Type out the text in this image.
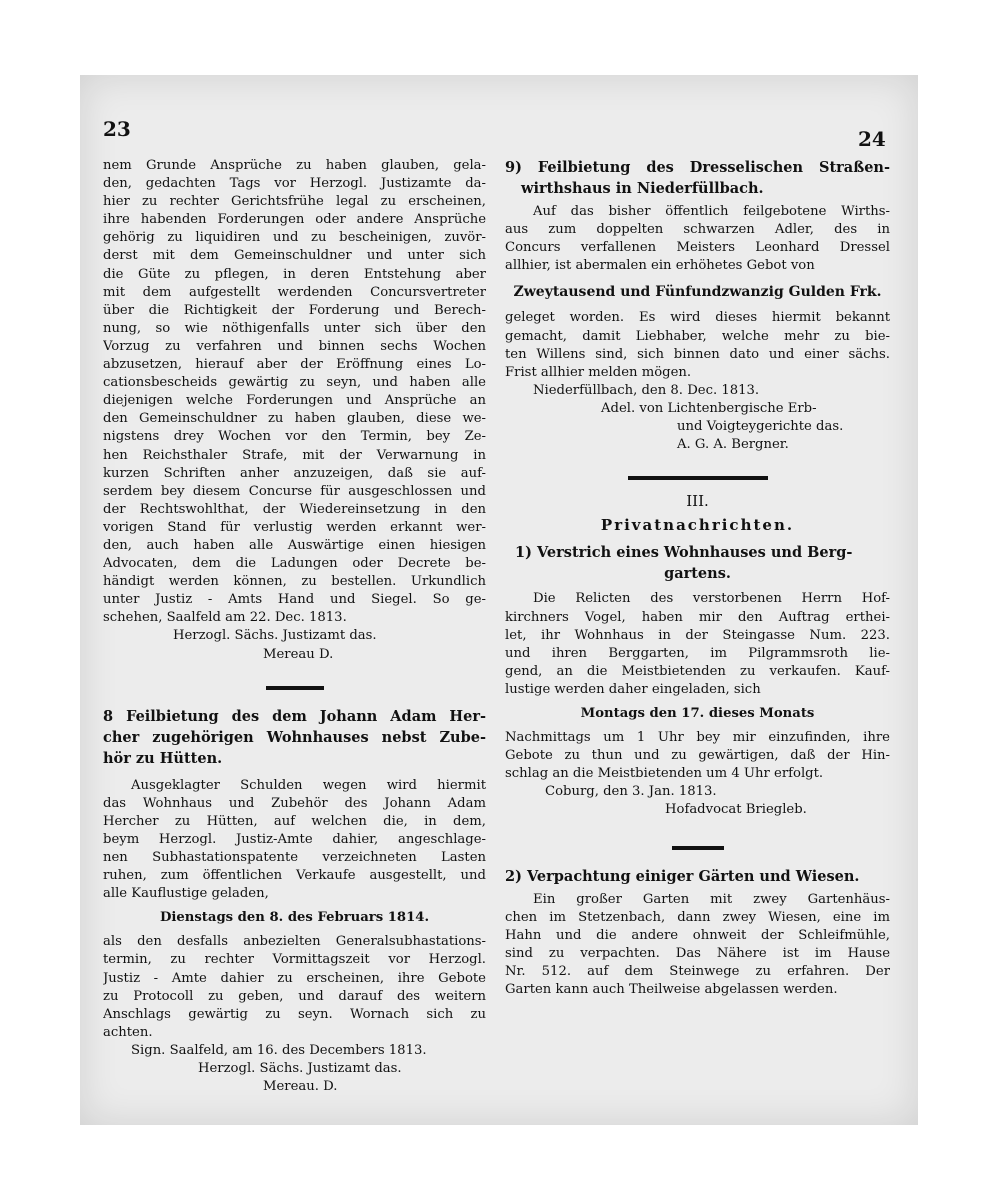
23	24
nem Grunde Ansprüche zu haben glauben, gela-
den, gedachten Tags vor Herzogl. Justizamte da-
hier zu rechter Gerichtsfrühe legal zu erscheinen,
ihre habenden Forderungen oder andere Ansprüche
gehörig zu liquidiren und zu bescheinigen, zuvör-
derst mit dem Gemeinschuldner und unter sich
die Güte zu pflegen, in deren Entstehung aber
mit dem aufgestellt werdenden Concursvertreter
über die Richtigkeit der Forderung und Berech-
nung, so wie nöthigenfalls unter sich über den
Vorzug zu verfahren und binnen sechs Wochen
abzusetzen, hierauf aber der Eröffnung eines Lo-
cationsbescheids gewärtig zu seyn, und haben alle
diejenigen welche Forderungen und Ansprüche an
den Gemeinschuldner zu haben glauben, diese we-
nigstens drey Wochen vor den Termin, bey Ze-
hen Reichsthaler Strafe, mit der Verwarnung in
kurzen Schriften anher anzuzeigen, daß sie auf-
serdem bey diesem Concurse für ausgeschlossen und
der Rechtswohlthat, der Wiedereinsetzung in den
vorigen Stand für verlustig werden erkannt wer-
den, auch haben alle Auswärtige einen hiesigen
Advocaten, dem die Ladungen oder Decrete be-
händigt werden können, zu bestellen. Urkundlich
unter Justiz - Amts Hand und Siegel. So ge-
schehen, Saalfeld am 22. Dec. 1813.
Herzogl. Sächs. Justizamt das.
Mereau D.
8 Feilbietung des dem Johann Adam Her-
cher zugehörigen Wohnhauses nebst Zube-
hör zu Hütten.
Ausgeklagter Schulden wegen wird hiermit
das Wohnhaus und Zubehör des Johann Adam
Hercher zu Hütten, auf welchen die, in dem,
beym Herzogl. Justiz-Amte dahier, angeschlage-
nen Subhastationspatente verzeichneten Lasten
ruhen, zum öffentlichen Verkaufe ausgestellt, und
alle Kauflustige geladen,
Dienstags den 8. des Februars 1814.
als den desfalls anbezielten Generalsubhastations-
termin, zu rechter Vormittagszeit vor Herzogl.
Justiz - Amte dahier zu erscheinen, ihre Gebote
zu Protocoll zu geben, und darauf des weitern
Anschlags gewärtig zu seyn. Wornach sich zu
achten.
Sign. Saalfeld, am 16. des Decembers 1813.
Herzogl. Sächs. Justizamt das.
Mereau. D.
9) Feilbietung des Dresselischen Straßen-
wirthshaus in Niederfüllbach.
Auf das bisher öffentlich feilgebotene Wirths-
aus zum doppelten schwarzen Adler, des in
Concurs verfallenen Meisters Leonhard Dressel
allhier, ist abermalen ein erhöhetes Gebot von
Zweytausend und Fünfundzwanzig Gulden Frk.
geleget worden. Es wird dieses hiermit bekannt
gemacht, damit Liebhaber, welche mehr zu bie-
ten Willens sind, sich binnen dato und einer sächs.
Frist allhier melden mögen.
Niederfüllbach, den 8. Dec. 1813.
Adel. von Lichtenbergische Erb-
und Voigteygerichte das.
A. G. A. Bergner.
III.
Privatnachrichten.
1) Verstrich eines Wohnhauses und Berg-
gartens.
Die Relicten des verstorbenen Herrn Hof-
kirchners Vogel, haben mir den Auftrag erthei-
let, ihr Wohnhaus in der Steingasse Num. 223.
und ihren Berggarten, im Pilgrammsroth lie-
gend, an die Meistbietenden zu verkaufen. Kauf-
lustige werden daher eingeladen, sich
Montags den 17. dieses Monats
Nachmittags um 1 Uhr bey mir einzufinden, ihre
Gebote zu thun und zu gewärtigen, daß der Hin-
schlag an die Meistbietenden um 4 Uhr erfolgt.
Coburg, den 3. Jan. 1813.
Hofadvocat Briegleb.
2) Verpachtung einiger Gärten und Wiesen.
Ein großer Garten mit zwey Gartenhäus-
chen im Stetzenbach, dann zwey Wiesen, eine im
Hahn und die andere ohnweit der Schleifmühle,
sind zu verpachten. Das Nähere ist im Hause
Nr. 512. auf dem Steinwege zu erfahren. Der
Garten kann auch Theilweise abgelassen werden.
